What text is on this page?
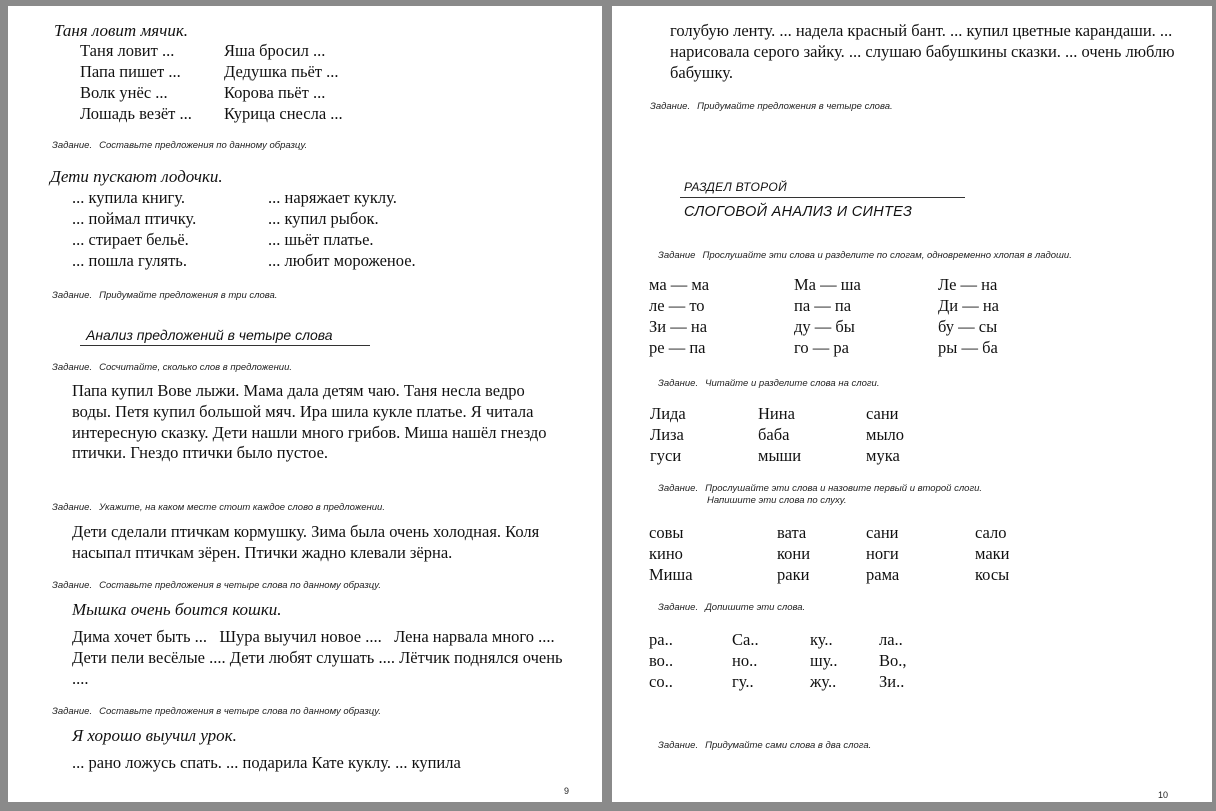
Таня ловит мячик.
Таня ловит ...
Папа пишет ...
Волк унёс ...
Лошадь везёт ...
Яша бросил ...
Дедушка пьёт ...
Корова пьёт ...
Курица снесла ...
Задание. Составьте предложения по данному образцу.
Дети пускают лодочки.
... купила книгу.
... поймал птичку.
... стирает бельё.
... пошла гулять.
... наряжает куклу.
... купил рыбок.
... шьёт платье.
... любит мороженое.
Задание. Придумайте предложения в три слова.
Анализ предложений в четыре слова
Задание. Сосчитайте, сколько слов в предложении.
Папа купил Вове лыжи. Мама дала детям чаю. Таня несла ведро воды. Петя купил большой мяч. Ира шила кукле платье. Я читала интересную сказку. Дети нашли много грибов. Миша нашёл гнездо птички. Гнездо птички было пустое.
Задание. Укажите, на каком месте стоит каждое слово в предложении.
Дети сделали птичкам кормушку. Зима была очень холодная. Коля насыпал птичкам зёрен. Птички жадно клевали зёрна.
Задание. Составьте предложения в четыре слова по данному образцу.
Мышка очень боится кошки.
Дима хочет быть ...   Шура выучил новое ....   Лена нарвала много ....   Дети пели весёлые .... Дети любят слушать .... Лётчик поднялся очень ....
Задание. Составьте предложения в четыре слова по данному образцу.
Я хорошо выучил урок.
... рано ложусь спать. ... подарила Кате куклу. ... купила
9
голубую ленту. ... надела красный бант. ... купил цветные карандаши. ... нарисовала серого зайку. ... слушаю бабушкины сказки. ... очень люблю бабушку.
Задание. Придумайте предложения в четыре слова.
РАЗДЕЛ ВТОРОЙ
СЛОГОВОЙ АНАЛИЗ И СИНТЕЗ
Задание Прослушайте эти слова и разделите по слогам, одновременно хлопая в ладоши.
ма — ма
ле — то
Зи — на
ре — па
Ма — ша
па — па
ду — бы
го — ра
Ле — на
Ди — на
бу — сы
ры — ба
Задание. Читайте и разделите слова на слоги.
Лида
Лиза
гуси
Нина
баба
мыши
сани
мыло
мука
Задание. Прослушайте эти слова и назовите первый и второй слоги.
Напишите эти слова по слуху.
совы
кино
Миша
вата
кони
раки
сани
ноги
рама
сало
маки
косы
Задание. Допишите эти слова.
ра..
во..
со..
Са..
но..
гу..
ку..
шу..
жу..
ла..
Во.,
Зи..
Задание. Придумайте сами слова в два слога.
10
